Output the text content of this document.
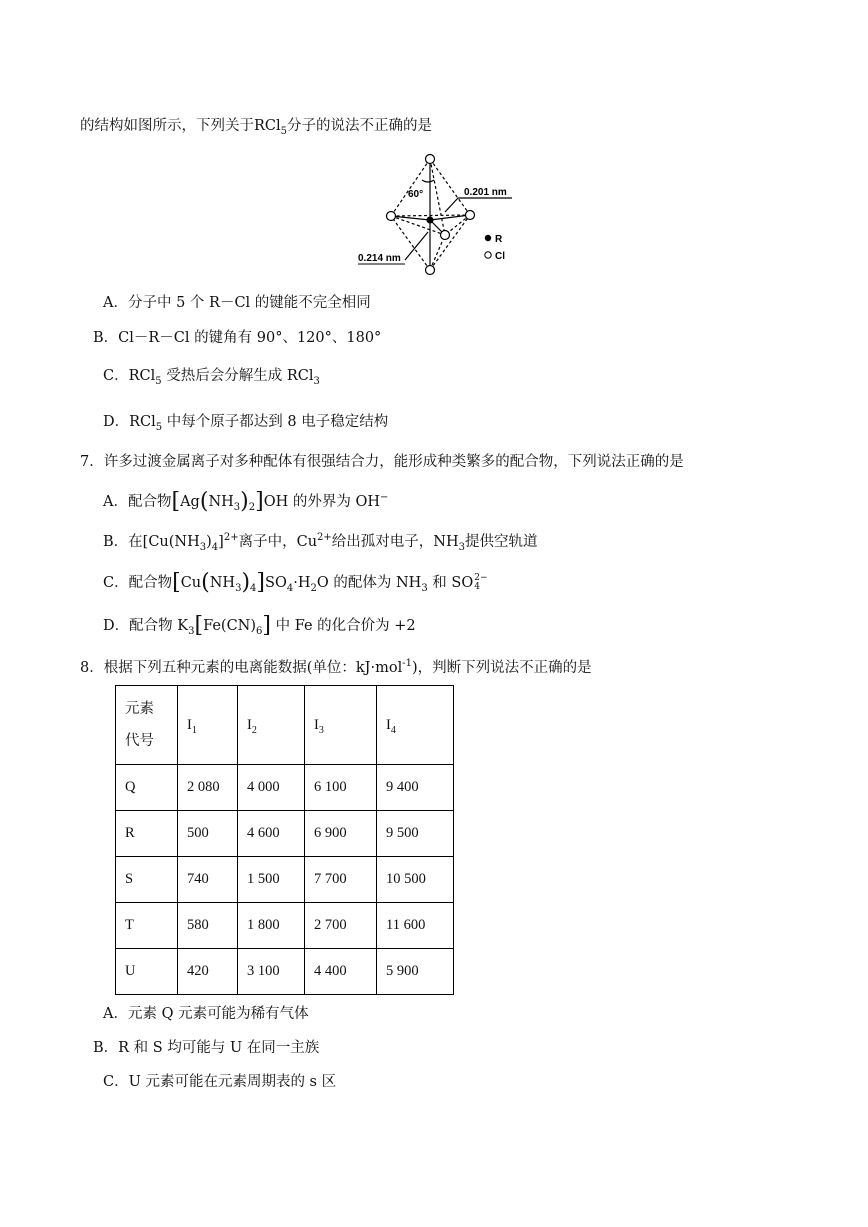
的结构如图所示，下列关于RCl$_5$分子的说法不正确的是
60°	0.201 nm
0.214 nm
R
Cl
A．分子中 5 个 R－Cl 的键能不完全相同
B．Cl－R－Cl 的键角有 90°、120°、180°
C．RCl$_5$ 受热后会分解生成 RCl$_3$
D．RCl$_5$ 中每个原子都达到 8 电子稳定结构
7．许多过渡金属离子对多种配体有很强结合力，能形成种类繁多的配合物，下列说法正确的是
A．配合物$[Ag(NH_3)_2]OH$ 的外界为 OH−
B．在$[Cu(NH_3)_4]^{2+}$离子中，$Cu^{2+}$给出孤对电子，$NH_3$提供空轨道
C．配合物$[Cu(NH_3)_4]SO_4\cdot H_2O$ 的配体为 $NH_3$ 和 SO 2−
4
D．配合物 $K_3[Fe(CN)_6]$ 中 Fe 的化合价为 +2
8．根据下列五种元素的电离能数据(单位：kJ·mol$^{-1}$)，判断下列说法不正确的是
元素
代号	$I_1$	$I_2$	$I_3$	$I_4$
Q	2 080	4 000	6 100	9 400
R	500	4 600	6 900	9 500
S	740	1 500	7 700	10 500
T	580	1 800	2 700	11 600
U	420	3 100	4 400	5 900
A．元素 Q 元素可能为稀有气体
B．R 和 S 均可能与 U 在同一主族
C．U 元素可能在元素周期表的 s 区
